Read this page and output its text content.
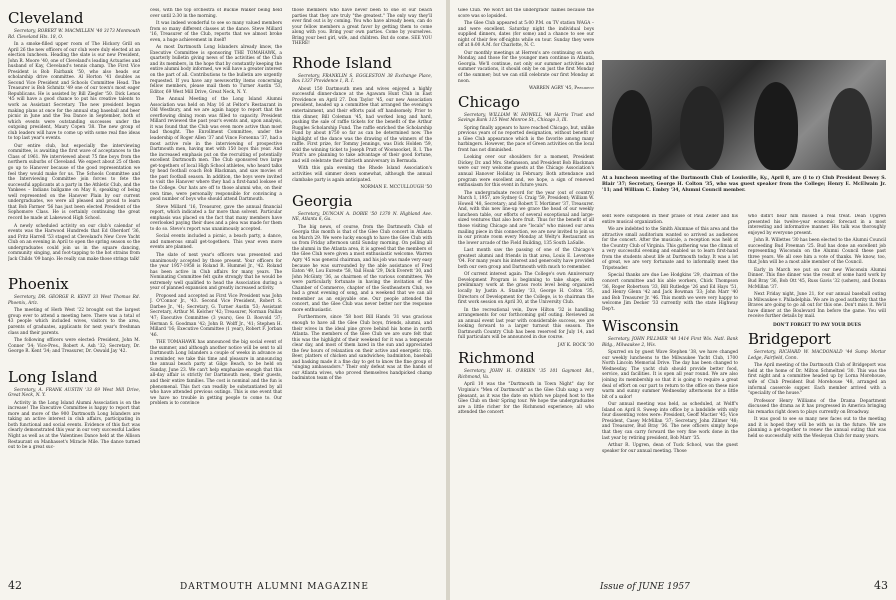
Cleveland

Secretary, ROBERT W. MACMILLEN '40 3173 Monmouth Rd. Cleveland Hts. 18, O.

In a smoke-filled upper room of The Hickory Grill on April 26 the new officers of our club were duly elected at an election luncheon. Heading the slate is our new President, John R. Moore '40, one of Cleveland's leading Actuaries and husband of Kay, Cleveland's tennis champ. The First Vice President is Bob Fairbank '50, who also heads our scholarship drive committee. Al Horton '41 doubles as Second Vice President and Schools Committee Head. The Treasurer is Bob Schmitz '49 one of our town's most eager Republicans. He is assisted by Bill Ziegler '50. Dick Lenox '45 will have a good chance to put his creative talents to work as Assistant Secretary. The new president began making plans at once for the annual stag baseball and beer picnic in June and the Tea Dance in September, both of which events were outstanding successes under the outgoing president, Maury Copen '38. The new group of club leaders will have to come up with some real fine ideas to top last year's events.

Our entire club, but especially the interviewing committee, is awaiting the first wave of acceptances to the Class of 1961. We interviewed about 75 fine boys from the northern suburbs of Cleveland. We expect about 25 of them go up to Hanover because of the good representation we feel they would make for us. The Schools Committee and the Interviewing Committee join forces to fete the successful applicants at a party in the Athletic Club, and the Yankees – Indians ballgame on May 8, speaking of being well represented on the Hanover Plain by our current undergraduates, we were all pleased and proud to learn that Bob Farmer '56 has just been elected President of the Sophomore Class. He is certainly continuing the great record he made at Lakewood High School.

A newly scheduled activity on our club's calendar of events was the Harwood Hundreds that Ed Oberdorf '36, and Fritz Harrell '53 staged at Cleveland's New Cove Yacht Club on an evening in April to open the spring season so the undergraduates could join us in the square dancing, community singing, and foot-tapping to the hot strains from Jack Childs '09 banjo. He really can make those strings talk!

Phoenix

Secretary, DR. GEORGE R. KENT 33 West Thomas Rd. Phoenix, Ariz.

The meeting of Herb West '22 brought out the largest group ever to attend a meeting here. There was a total of 43 people which included wives, visitors to the area, parents of graduates, applicants for next year's freshman class and their parents.

The following officers were elected: President, John M. Conner '34; Vice-Pres., Robert A. Ash '32; Secretary, Dr. George R. Kent '34; and Treasurer, Dr. Oswald Jay '42.

Long Island

Secretary, A. FRANK AUSTIN '33 69 West Mill Drive, Great Neck, N. Y.

Activity in the Long Island Alumni Association is on the increase! The Executive Committee is happy to report that more and more of the 900 Dartmouth Long Islanders are taking an active interest in club affairs, participating in both functional and social events. Evidence of this fact was clearly demonstrated this year in our very successful Ladies Night as well as at the Valentines Dance held at the Allison Restaurant on Manhasset's Miracle Mile. The dance turned out to be a great suc-

cess, with the top orchestra of Buckie Walker being held over until 2:30 in the morning.

It was indeed wonderful to see so many valued members from so many different classes at the dance. Steve Millard '16, Treasurer of the Club, reports that we almost broke even, a huge achievement in itself!

As most Dartmouth Long Islanders already know, the Executive Committee is sponsoring THE TOMAHAWK, a quarterly bulletin giving news of the activities of the Club and its members, in the hope that by constantly keeping the entire alumni body informed, we will have a greater interest on the part of all. Contributions to the bulletin are urgently requested. If you have any newsworthy items concerning fellow members, please mail them to Turner Austin '53, Editor, 69 West Mill Drive, Great Neck, N. Y.

The Annual Meeting of the Long Island Alumni Association was held on May 16 at Feltor's Restaurant in Old Westbury, and we are again happy to report that the overflowing dining room was filled to capacity. President Millard reviewed the past year's events and, upon analysis, it was found that the Club was even more active than most had thought. The Enrollment Committee, under the leadership of Roger Allen '37 and Vince Forsenna '37, had a most active role in the interviewing of prospective Dartmouth men, having met with 150 boys this year. And the increased emphasis put on the recruiting of potentially excellent Dartmouth men. The Club sponsored two large get-togethers of local High School athletes, who heard talks by head football coach Bob Blackman, and saw movies of the past football season. In addition, the boys were invited to visit the Hanover where they had a first-hand looksee of the College. Our hats are off to those alumni who, on their own time, were personally responsible for convincing a good number of boys who should attend Dartmouth.

Steve Millard '16, Treasurer, gave the annual financial report, which indicated a far more than solvent. Particular emphasis was placed on the fact that many members have overlooked paying their dues and a plea was made for them to do so. Steve's report was unanimously accepted.

Social events included a picnic, a beach party, a dance, and numerous small get-togethers. This year even more events are planned.

The slate of next year's officers was presented and unanimously accepted by those present. Your officers for the year 1957-1958 is Roland R. Hummel Jr., '42. Roland has been active in Club affairs for many years. The Nominating Committee felt quite strongly that he would be extremely well qualified to head the Association during a year of planned expansion and greatly increased activity.

Proposed and accepted as First Vice President was John J. O'Connor Jr., '43. Second Vice President, Robert S. Darbee Jr., '41; Secretary, G. Turner Austin '53; Assistant Secretary, Arthur M. Kelcher '42; Treasurer, Norman Paillas '47; Executive Committee (3 years), Geo D. Rosvold '37; Herman S. Goodman '42; John B. Wolff Jr., '41; Stephen H. Millard '16; Executive Committee (1 year), Robert F. Jorban '46.

THE TOMAHAWK has announced the big social event of the summer, and although another notice will be sent to all Dartmouth Long Islanders a couple of weeks in advance as a reminder, we take this time and pleasure in announcing the annual beach party at Gilgo Beach, to be held on Sunday, June 23. We can't help emphasize enough that this all-day affair is strictly for Dartmouth men, their guests, and their entire families. The cost is nominal and the fun is phenomenal. This fact can readily be substantiated by all who have attended previous outings. This is one event that we have no trouble in getting people to come to. Our problem is to convince

those members who have never been to one of our beach parties that they are truly "the greatest." The only way they'll ever find out is by coming. You who have already been, can do your fellow members a great favor by getting them to come along with you. Bring your own parties. Come by yourselves. Bring your best girl, wife, and children. But do come. SEE YOU THERE!

Rhode Island

Secretary, FRANKLIN S. EGGLESTON 38 Exchange Place, Box 1337 Providence 1, R. I.

About 150 Dartmouth men and wives enjoyed a highly successful dinner-dance at the Agawam Hunt Club in East Providence on April 27. Don Taylor '45, our new Association president, headed up a committee that arranged the evening's entertainment, and their efforts paid off handsomely. Prior to this dinner, Bill Coleman '45, had worked long and hard, pushing the sale of raffle tickets for the benefit of the Arthur Ruggles Scholarship Fund. The raffle enriched the Scholarship Fund by about $750 so far as can be determined now. The highlight of the dance was the drawing of the winners of the raffle. First prize, for Tommy Jennings, was Dick Holden '59, sold the winning ticket to Joseph Pratt of Woonsocket, R. I. The Pratt's are planning to take advantage of their good fortune, and will celebrate their thirtieth anniversary in Bermuda.

With this gala evening the Rhode Island Association's activities will simmer down somewhat, although the annual clambake party is again anticipated.

NORMAN E. MCCULLOUGH '50

Georgia

Secretary, DUNCAN A. DOBIE '50 1370 N. Highland Ave. NE, Atlanta 6, Ga.

The big news, of course, from the Dartmouth Club of Georgia this month is that of the Glee Club concert in Atlanta on March 29. We were lucky enough to have the Glee Club with us from Friday afternoon until Sunday morning. On polling all the alumni in the Atlanta area, it is agreed that the members of the Glee Club were given a most enthusiastic welcome. Warren Agry '45 was general chairman, and his job was made very easy because he was surrounded by the able assistance of Fred Eaton '49, Lou Eureste '58, Vail Hoak '29, Dick Everett '30, and John McGinty '36, as chairmen of the various committees. We were particularly fortunate in having the invitation of the Chamber of Commerce, chapter of the Southeastern Club, we had a great evening of song, and a weekend that we can all remember as an enjoyable one. Our people attended the concert, and the Glee Club was never better nor the response more enthusiastic.

Furthermore, since '58 host Bill Hands '31 was gracious enough to have all the Glee Club boys, friends, alumni, and their wives in the ideal pine grove behind his home in north Atlanta. The members of the Glee Club we are sure felt that this was the highlight of their weekend for it was a temperate clear day, and most of them lazed in the sun and appreciated the few hours of relaxation on their active and energetic trip. Beer, platters of chicken and sandwiches; badminton, baseball and basking made it a fine day to get to know the fine group of "singing ambassadors." Their only defeat was at the hands of our Atlanta wives, who proved themselves handpicked champ badminton team of the

42	DARTMOUTH ALUMNI MAGAZINE

Glee Club. We won't list the undergrads' names because the score was so lopsided.

The Glee Club appeared at 5:00 P.M. on TV station WAGA – and were excellent. Saturday night the individual boys supplied dinners, dates (for some) and a chance to see our night of their few off-nights while on tour. Sunday they were off at 8:00 A.M. for Charlotte, N. C.

Our monthly meetings at Herren's are continuing on each Monday, and those for the younger men continue in Atlanta, Georgia. We'll continue, not only our summer activities and summer vacations, it should only be on just the first Monday of the summer; but we can still celebrate our first Monday at noon.

WARREN AGRY '45, President

Chicago

Secretary, WILLIAM W. HOWELL '48 Harris Trust and Savings Bank 115 West Monroe St., Chicago 3, Ill.

Spring finally appears to have reached Chicago, but, unlike previous years of no reported designation, without benefit of a Glee Club appearance which is the favorite among many harbingers. However, the pace of Green activities on the local front has not diminished.

Looking over our shoulders for a moment, President Dickey, Dr. and Mrs. Stefansson, and President Bob Blackman were our very welcome guests at the Chicago Association's annual Hanover Holiday in February. Both attendance and program were excellent and, we hope, a sign of renewed enthusiasm for this event in future years.

The undergraduate record for the year (out of country) March 1, 1957, are Sydney G. Craig '59, President; William W. Howell '48, Secretary; and Robert T. Mortimer '37, Treasurer. And, with this new line-up we grace the head of our weekly luncheon table, our efforts of several exceptional and large-sized ventures that also bore fruit. Thus for the benefit of all those visiting Chicago and are "locals" who missed our area mailing piece in this connection, we are now invited to join us in our private room every Monday at Welty's Restaurant on the lower arcade of the Field Building, 135 South LaSalle.

Last month saw the passing of one of the Chicago's greatest alumni and friends in that area, Louis E. Leverone '04. For many years his interest and generosity have provided both our own group and Dartmouth with much to remember.

Of current interest again: The College's own Anniversary Development Program is beginning to take shape, with preliminary work at the grass roots level being organized locally by Justin A. Stanley '33, George H. Colton '35, Directors of Development for the College, is to chairman the first work session on April 30, at the University Club.

In the recreational vein, Dave Hilton '32 is handling arrangements for our forthcoming golf outing. Reviewed as an annual event last year with considerable success, we are looking forward to a larger turnout this season. The Dartmouth Country Club has been reserved for July 14, and full particulars will be announced in due course.

JAY K. BOCK '30

Richmond

Secretary, JOHN H. O'BRIEN '35 101 Gaymont Rd., Richmond, Va.

April 10 was the "Dartmouth in Town Night" day for Virginia's "Men of Dartmouth" as the Glee Club sang a very pleasant, as it was the date on which we played host to the Glee Club on their Spring tour. We hope the undergraduates are a little richer for the Richmond experience; all who attended the concert

At a luncheon meeting of the Dartmouth Club of Louisville, Ky., April 8, are (l to r) Club President Dewey S. Blair '37; Secretary, George H. Colton '35, who was guest speaker from the College; Henry E. McElwain Jr. '11; and William C. Embry '34, Alumni Council member.

sent were outspoken in their praise of Paul Zeller and his entire musical organization.

We are indebted to the Smith Alumnae of this area and the attractive small auditorium wanted so arrived as audiences for the concert. After the musicale, a reception was held at the Country Club of Virginia. This gathering was the climax of a very successful evening and enabled us to learn first-hand from the students about life at Dartmouth today. It was a lot of great, we are very fortunate and to informally meet the Tripsteader.

Special thanks are due Lee Hodgkins '29, chairman of the concert committee and his able workers, Chick Thompson '36, Roger Robertson '33, Bill Rutledge '26 and Ed Hays '51, and Henry Glenn '42 and Jack Bowman '33; John Marr '40 and Bob Treasurer Jr. '46. This month we were very happy to welcome Jim Decker '33 currently with the state Highway Dep't.

Wisconsin

Secretary, JOHN PILLMER '48 1414 First Wis. Natl. Bank Bldg., Milwaukee 2, Wis.

Spurred on by guest Wave Stephen '38, we have changed our weekly luncheons to the Milwaukee Yacht Club, 1700 North Lincoln Memorial Drive. The day has been changed to Wednesday. The yacht club should provide better food, service, and facilities. It is open all year round. We are also joining its membership so that it is going to require a great deal of effort on our part to return to the office on these nice warm and sunny summer Wednesday afternoons for a little bit of a sailor!

Our annual meeting was held, as scheduled, at Wolff's Island on April 8. Sweep into office by a landslide with only four dissenting votes were: President, Geoff Mactier '45; Vice President, Casey McMillan '37; Secretary, John Zillmer '48; and Treasurer, Bud Bray '36. The new officers simply hope that they can carry forward the very fine work done in the last year by retiring president, Bob Marr '35.

Arthur R. Upgren, dean of Tuck School, was the guest speaker for our annual meeting. Those

who didn't hear him missed a real treat. Dean Upgren presented his twelve-year economic forecast in a most interesting and informative manner. His talk was thoroughly enjoyed by everyone present.

John R. Willettes '30 has been elected to the Alumni Council succeeding Bud Freeman '25. Bud has done an excellent job representing Wisconsin on the Alumni Council these past three years. We all owe him a vote of thanks. We know, too, that John will be a most able member of the Council.

Early in March we put on our new Wisconsin Alumni Dinner. This fine dinner was the result of some hard work by Bud Bray '36, Bob Ott '45, Russ Gavis '32 (ushers), and Donna McMillan '37.

Next Friday night, June 21, for our annual baseball outing in Milwaukee v. Philadelphia. We are in good authority that the Braves are going to go all out for this one. Don't miss it. We'll have dinner at the Boulevard Inn before the game. You will receive further details by mail.

DON'T FORGET TO PAY YOUR DUES

Bridgeport

Secretary, RICHARD W. MACDONALD '44 Sump Mortar Ledge, Fairfield, Conn.

The April meeting of the Dartmouth Club of Bridgeport was held at the home of Dr. Milton Schmeltzel '30. This was the first night and a committee headed up by Lorna Morehouse, wife of Club President Bud Morehouse '48, arranged an informal casserole supper. Each member arrived with a "speciality of the house."

Professor Henry Williams of the Drama Department discussed the drama as it has progressed in America bringing his remarks right down to plays currently on Broadway.

It was good to see so many new faces out to the meeting and it is hoped they will be with us in the future. We are planning a get-together to renew the annual outing that was held so successfully with the Wesleyan Club for many years.

Issue of JUNE 1957	43
